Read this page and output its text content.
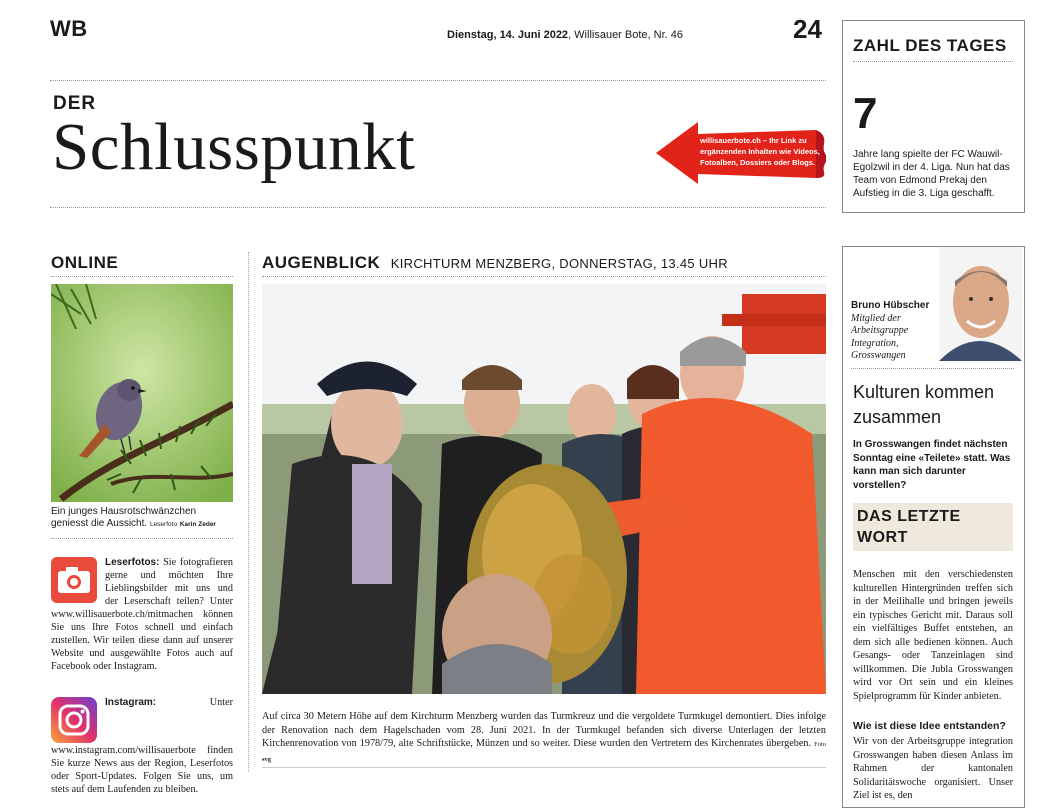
WB	Dienstag, 14. Juni 2022, Willisauer Bote, Nr. 46	24
DER
Schlusspunkt	willisauerbote.ch – Ihr Link zu ergänzenden Inhalten wie Videos, Fotoalben, Dossiers oder Blogs.
ONLINE
Ein junges Hausrotschwänzchen geniesst die Aussicht. Leserfoto Karin Zeder
Leserfotos: Sie fotografieren gerne und möchten Ihre Lieblingsbilder mit uns und der Leserschaft teilen? Unter www.willisauerbote.ch/mitmachen können Sie uns Ihre Fotos schnell und einfach zustellen. Wir teilen diese dann auf unserer Website und ausgewählte Fotos auch auf Facebook oder Instagram.
Instagram:	Unter www.instagram.com/willisauerbote finden Sie kurze News aus der Region, Leserfotos oder Sport-Updates. Folgen Sie uns, um stets auf dem Laufenden zu bleiben.
AUGENBLICK KIRCHTURM MENZBERG, DONNERSTAG, 13.45 UHR
Auf circa 30 Metern Höhe auf dem Kirchturm Menzberg wurden das Turmkreuz und die vergoldete Turmkugel demontiert. Dies infolge der Renovation nach dem Hagelschaden vom 28. Juni 2021. In der Turmkugel befanden sich diverse Unterlagen der letzten Kirchenrenovation von 1978/79, alte Schriftstücke, Münzen und so weiter. Diese wurden den Vertretern des Kirchenrates übergeben. Foto svg
ZAHL DES TAGES
7
Jahre lang spielte der FC Wauwil-Egolzwil in der 4. Liga. Nun hat das Team von Edmond Prekaj den Aufstieg in die 3. Liga geschafft.
Bruno Hübscher
Mitglied der Arbeitsgruppe Integration, Grosswangen
Kulturen kommen zusammen
In Grosswangen findet nächsten Sonntag eine «Teilete» statt. Was kann man sich darunter vorstellen?
DAS LETZTE WORT
Menschen mit den verschiedensten kulturellen Hintergründen treffen sich in der Meilihalle und bringen jeweils ein typisches Gericht mit. Daraus soll ein vielfältiges Buffet entstehen, an dem sich alle bedienen können. Auch Gesangs- oder Tanzeinlagen sind willkommen. Die Jubla Grosswangen wird vor Ort sein und ein kleines Spielprogramm für Kinder anbieten.
Wie ist diese Idee entstanden?
Wir von der Arbeitsgruppe integration Grosswangen haben diesen Anlass im Rahmen der kantonalen Solidaritätswoche organisiert. Unser Ziel ist es, den
